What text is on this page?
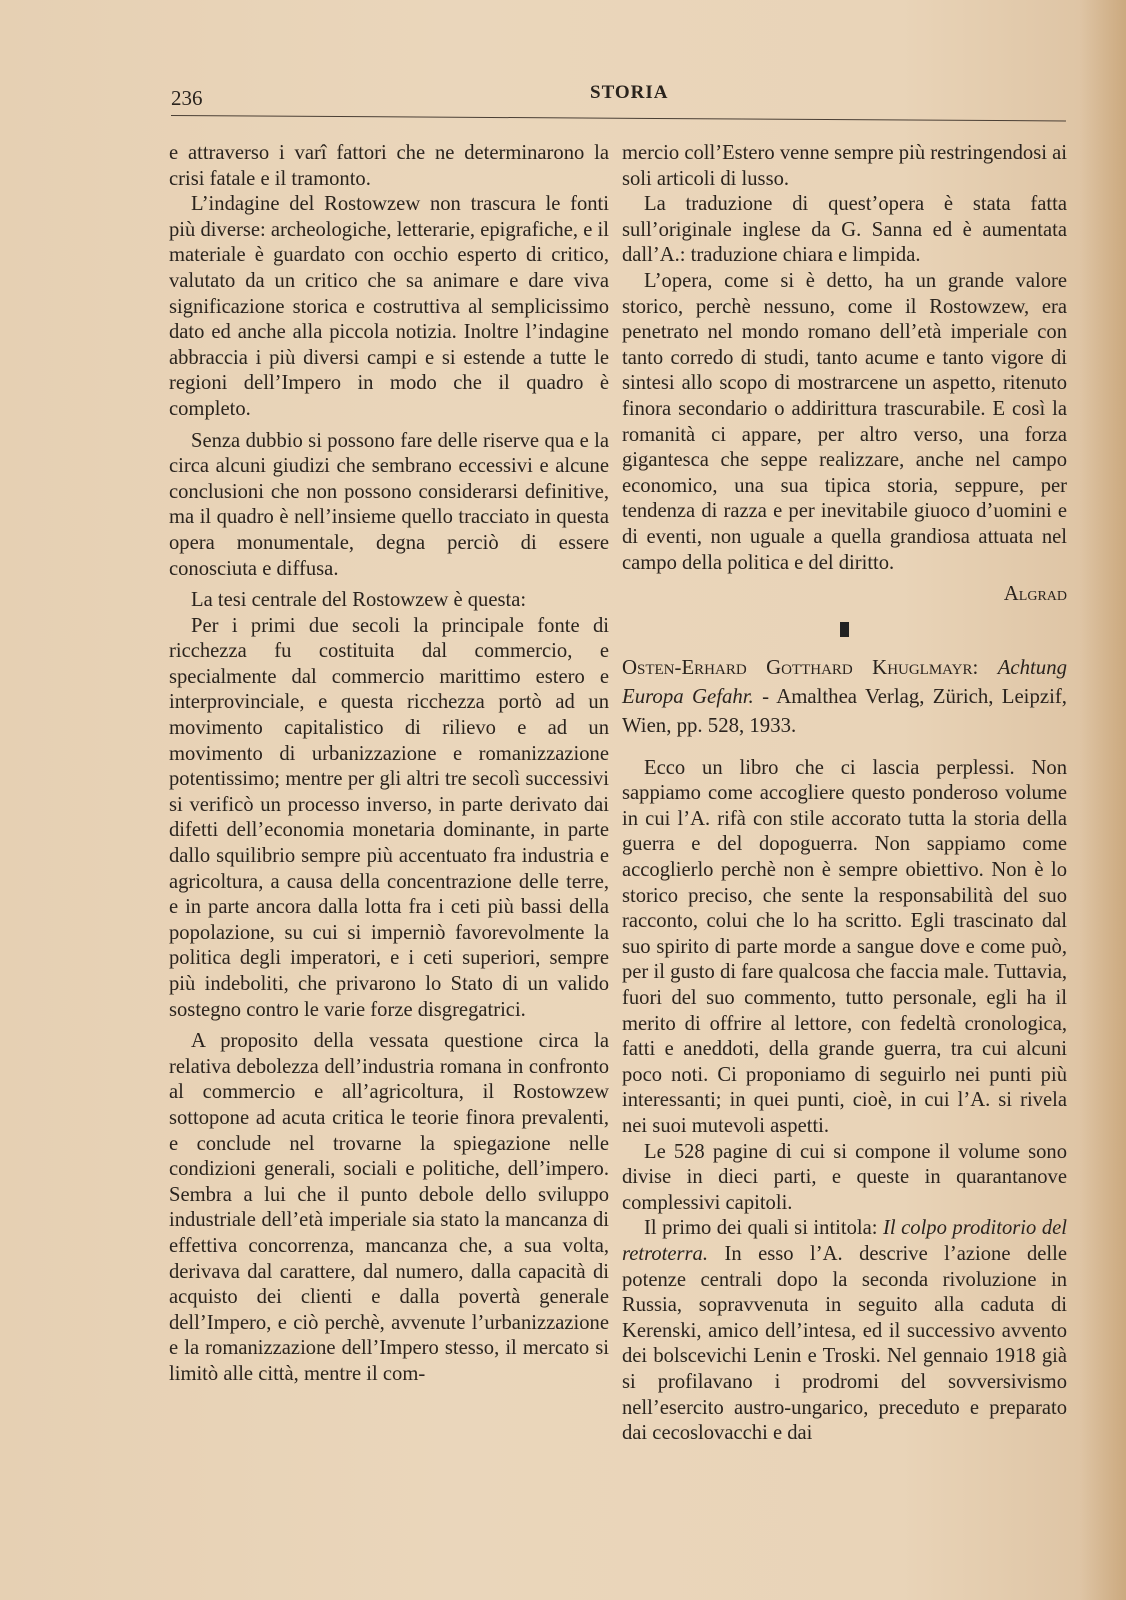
236	STORIA

e attraverso i varî fattori che ne determinarono la crisi fatale e il tramonto.

L’indagine del Rostowzew non trascura le fonti più diverse: archeologiche, letterarie, epigrafiche, e il materiale è guardato con occhio esperto di critico, valutato da un critico che sa animare e dare viva significazione storica e costruttiva al semplicissimo dato ed anche alla piccola notizia. Inoltre l’indagine abbraccia i più diversi campi e si estende a tutte le regioni dell’Impero in modo che il quadro è completo.

Senza dubbio si possono fare delle riserve qua e la circa alcuni giudizi che sembrano eccessivi e alcune conclusioni che non possono considerarsi definitive, ma il quadro è nell’insieme quello tracciato in questa opera monumentale, degna perciò di essere conosciuta e diffusa.

La tesi centrale del Rostowzew è questa:

Per i primi due secoli la principale fonte di ricchezza fu costituita dal commercio, e specialmente dal commercio marittimo estero e interprovinciale, e questa ricchezza portò ad un movimento capitalistico di rilievo e ad un movimento di urbanizzazione e romanizzazione potentissimo; mentre per gli altri tre secolì successivi si verificò un processo inverso, in parte derivato dai difetti dell’economia monetaria dominante, in parte dallo squilibrio sempre più accentuato fra industria e agricoltura, a causa della concentrazione delle terre, e in parte ancora dalla lotta fra i ceti più bassi della popolazione, su cui si imperniò favorevolmente la politica degli imperatori, e i ceti superiori, sempre più indeboliti, che privarono lo Stato di un valido sostegno contro le varie forze disgregatrici.

A proposito della vessata questione circa la relativa debolezza dell’industria romana in confronto al commercio e all’agricoltura, il Rostowzew sottopone ad acuta critica le teorie finora prevalenti, e conclude nel trovarne la spiegazione nelle condizioni generali, sociali e politiche, dell’impero. Sembra a lui che il punto debole dello sviluppo industriale dell’età imperiale sia stato la mancanza di effettiva concorrenza, mancanza che, a sua volta, derivava dal carattere, dal numero, dalla capacità di acquisto dei clienti e dalla povertà generale dell’Impero, e ciò perchè, avvenute l’urbanizzazione e la romanizzazione dell’Impero stesso, il mercato si limitò alle città, mentre il com-

mercio coll’Estero venne sempre più restringendosi ai soli articoli di lusso.

La traduzione di quest’opera è stata fatta sull’originale inglese da G. Sanna ed è aumentata dall’A.: traduzione chiara e limpida.

L’opera, come si è detto, ha un grande valore storico, perchè nessuno, come il Rostowzew, era penetrato nel mondo romano dell’età imperiale con tanto corredo di studi, tanto acume e tanto vigore di sintesi allo scopo di mostrarcene un aspetto, ritenuto finora secondario o addirittura trascurabile. E così la romanità ci appare, per altro verso, una forza gigantesca che seppe realizzare, anche nel campo economico, una sua tipica storia, seppure, per tendenza di razza e per inevitabile giuoco d’uomini e di eventi, non uguale a quella grandiosa attuata nel campo della politica e del diritto.

Algrad
Osten-Erhard Gotthard Khuglmayr: Achtung Europa Gefahr. - Amalthea Verlag, Zürich, Leipzif, Wien, pp. 528, 1933.

Ecco un libro che ci lascia perplessi. Non sappiamo come accogliere questo ponderoso volume in cui l’A. rifà con stile accorato tutta la storia della guerra e del dopoguerra. Non sappiamo come accoglierlo perchè non è sempre obiettivo. Non è lo storico preciso, che sente la responsabilità del suo racconto, colui che lo ha scritto. Egli trascinato dal suo spirito di parte morde a sangue dove e come può, per il gusto di fare qualcosa che faccia male. Tuttavia, fuori del suo commento, tutto personale, egli ha il merito di offrire al lettore, con fedeltà cronologica, fatti e aneddoti, della grande guerra, tra cui alcuni poco noti. Ci proponiamo di seguirlo nei punti più interessanti; in quei punti, cioè, in cui l’A. si rivela nei suoi mutevoli aspetti.

Le 528 pagine di cui si compone il volume sono divise in dieci parti, e queste in quarantanove complessivi capitoli.

Il primo dei quali si intitola: Il colpo proditorio del retroterra. In esso l’A. descrive l’azione delle potenze centrali dopo la seconda rivoluzione in Russia, sopravvenuta in seguito alla caduta di Kerenski, amico dell’intesa, ed il successivo avvento dei bolscevichi Lenin e Troski. Nel gennaio 1918 già si profilavano i prodromi del sovversivismo nell’esercito austro-ungarico, preceduto e preparato dai cecoslovacchi e dai
